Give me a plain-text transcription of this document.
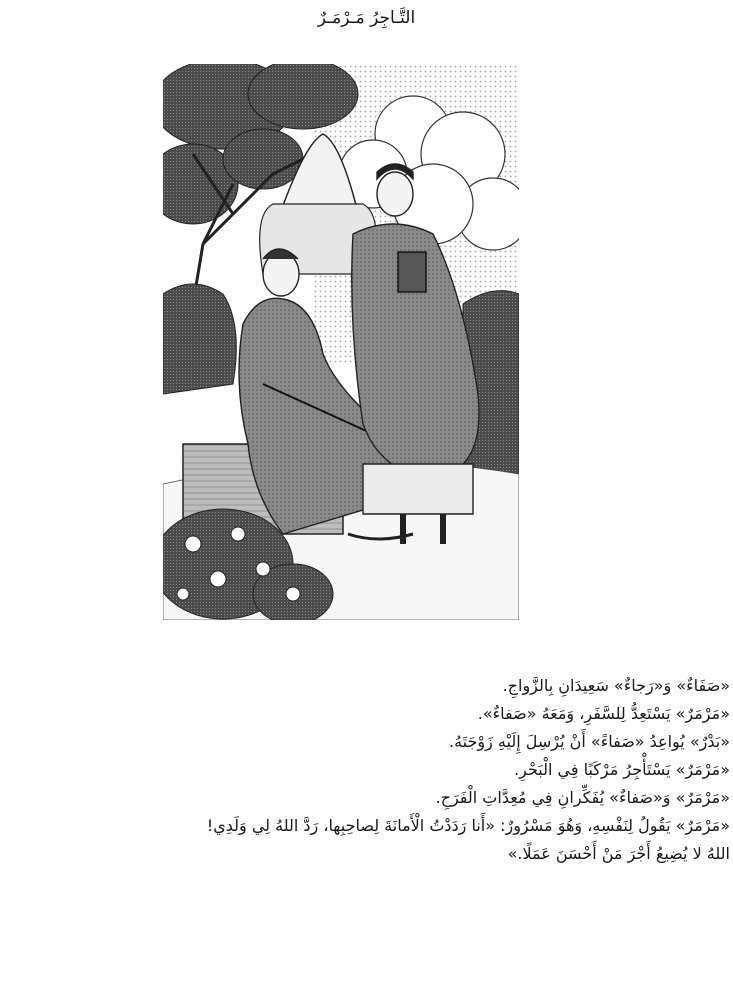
التَّـاجِرُ مَـرْمَـرٌ
«صَفَاءٌ» وَ«رَجاءٌ» سَعِيدَانِ بِالزَّواجِ.
«مَرْمَرٌ» يَسْتَعِدُّ لِلسَّفَرِ، وَمَعَهُ «صَفاءٌ».
«بَدْرٌ» يُواعِدُ «صَفاءً» أَنْ يُرْسِلَ إِلَيْهِ زَوْجَتَهُ.
«مَرْمَرٌ» يَسْتَأْجِرُ مَرْكَبًا فِي الْبَحْرِ.
«مَرْمَرٌ» وَ«صَفاءٌ» يُفَكِّرانِ فِي مُعِدَّاتِ الْفَرَحِ.
«مَرْمَرٌ» يَقُولُ لِنَفْسِهِ، وَهُوَ مَسْرُورٌ: «أَنا رَدَدْتُ الْأَمانَةَ لِصاحِبِها، رَدَّ اللهُ لِي وَلَدِي!
اللهُ لا يُضِيعُ أَجْرَ مَنْ أَحْسَنَ عَمَلًا.»
